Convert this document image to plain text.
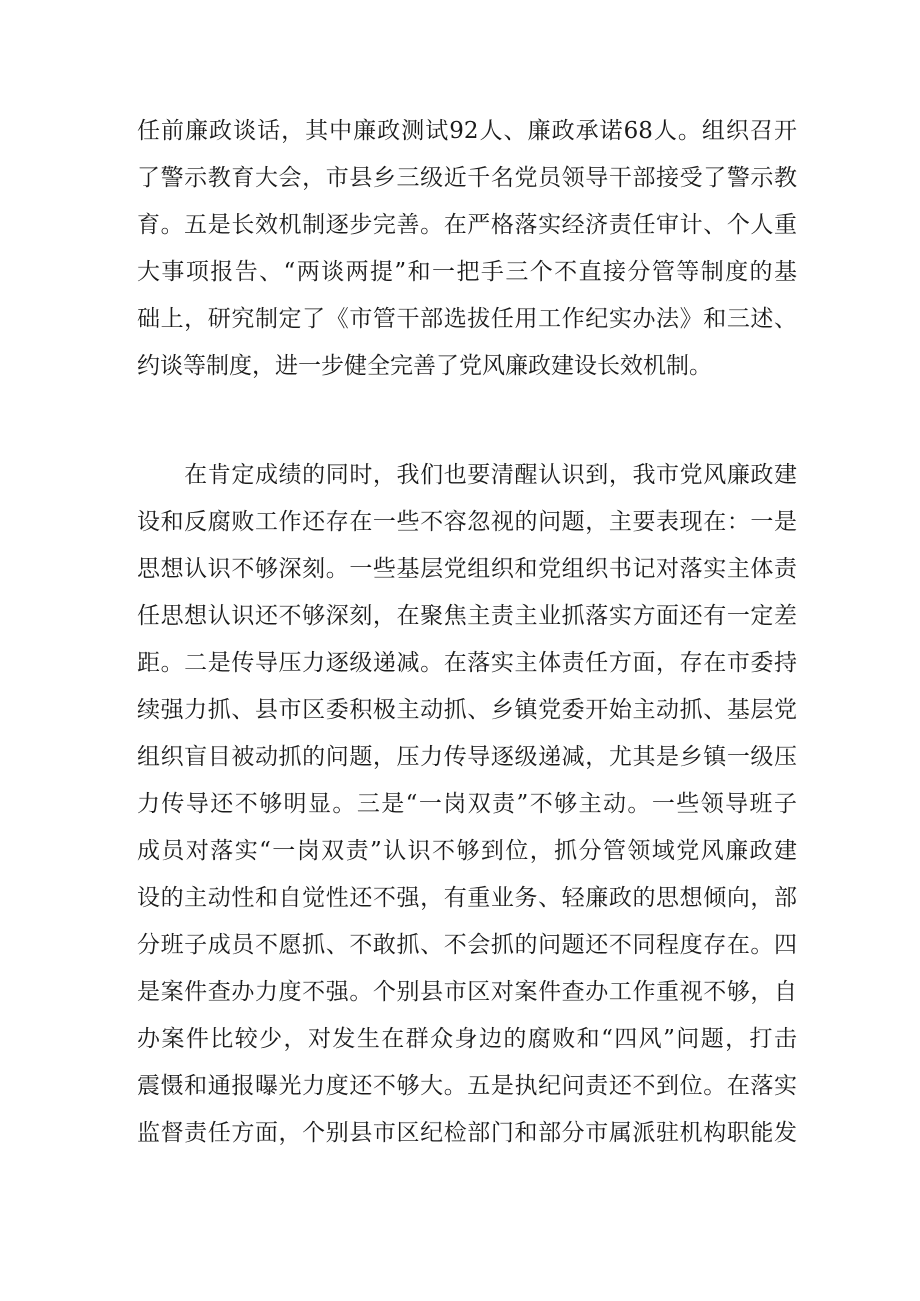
任前廉政谈话，其中廉政测试92人、廉政承诺68人。组织召开
了警示教育大会，市县乡三级近千名党员领导干部接受了警示教
育。五是长效机制逐步完善。在严格落实经济责任审计、个人重
大事项报告、“两谈两提”和一把手三个不直接分管等制度的基
础上，研究制定了《市管干部选拔任用工作纪实办法》和三述、
约谈等制度，进一步健全完善了党风廉政建设长效机制。
　　在肯定成绩的同时，我们也要清醒认识到，我市党风廉政建
设和反腐败工作还存在一些不容忽视的问题，主要表现在：一是
思想认识不够深刻。一些基层党组织和党组织书记对落实主体责
任思想认识还不够深刻，在聚焦主责主业抓落实方面还有一定差
距。二是传导压力逐级递减。在落实主体责任方面，存在市委持
续强力抓、县市区委积极主动抓、乡镇党委开始主动抓、基层党
组织盲目被动抓的问题，压力传导逐级递减，尤其是乡镇一级压
力传导还不够明显。三是“一岗双责”不够主动。一些领导班子
成员对落实“一岗双责”认识不够到位，抓分管领域党风廉政建
设的主动性和自觉性还不强，有重业务、轻廉政的思想倾向，部
分班子成员不愿抓、不敢抓、不会抓的问题还不同程度存在。四
是案件查办力度不强。个别县市区对案件查办工作重视不够，自
办案件比较少，对发生在群众身边的腐败和“四风”问题，打击
震慑和通报曝光力度还不够大。五是执纪问责还不到位。在落实
监督责任方面，个别县市区纪检部门和部分市属派驻机构职能发
